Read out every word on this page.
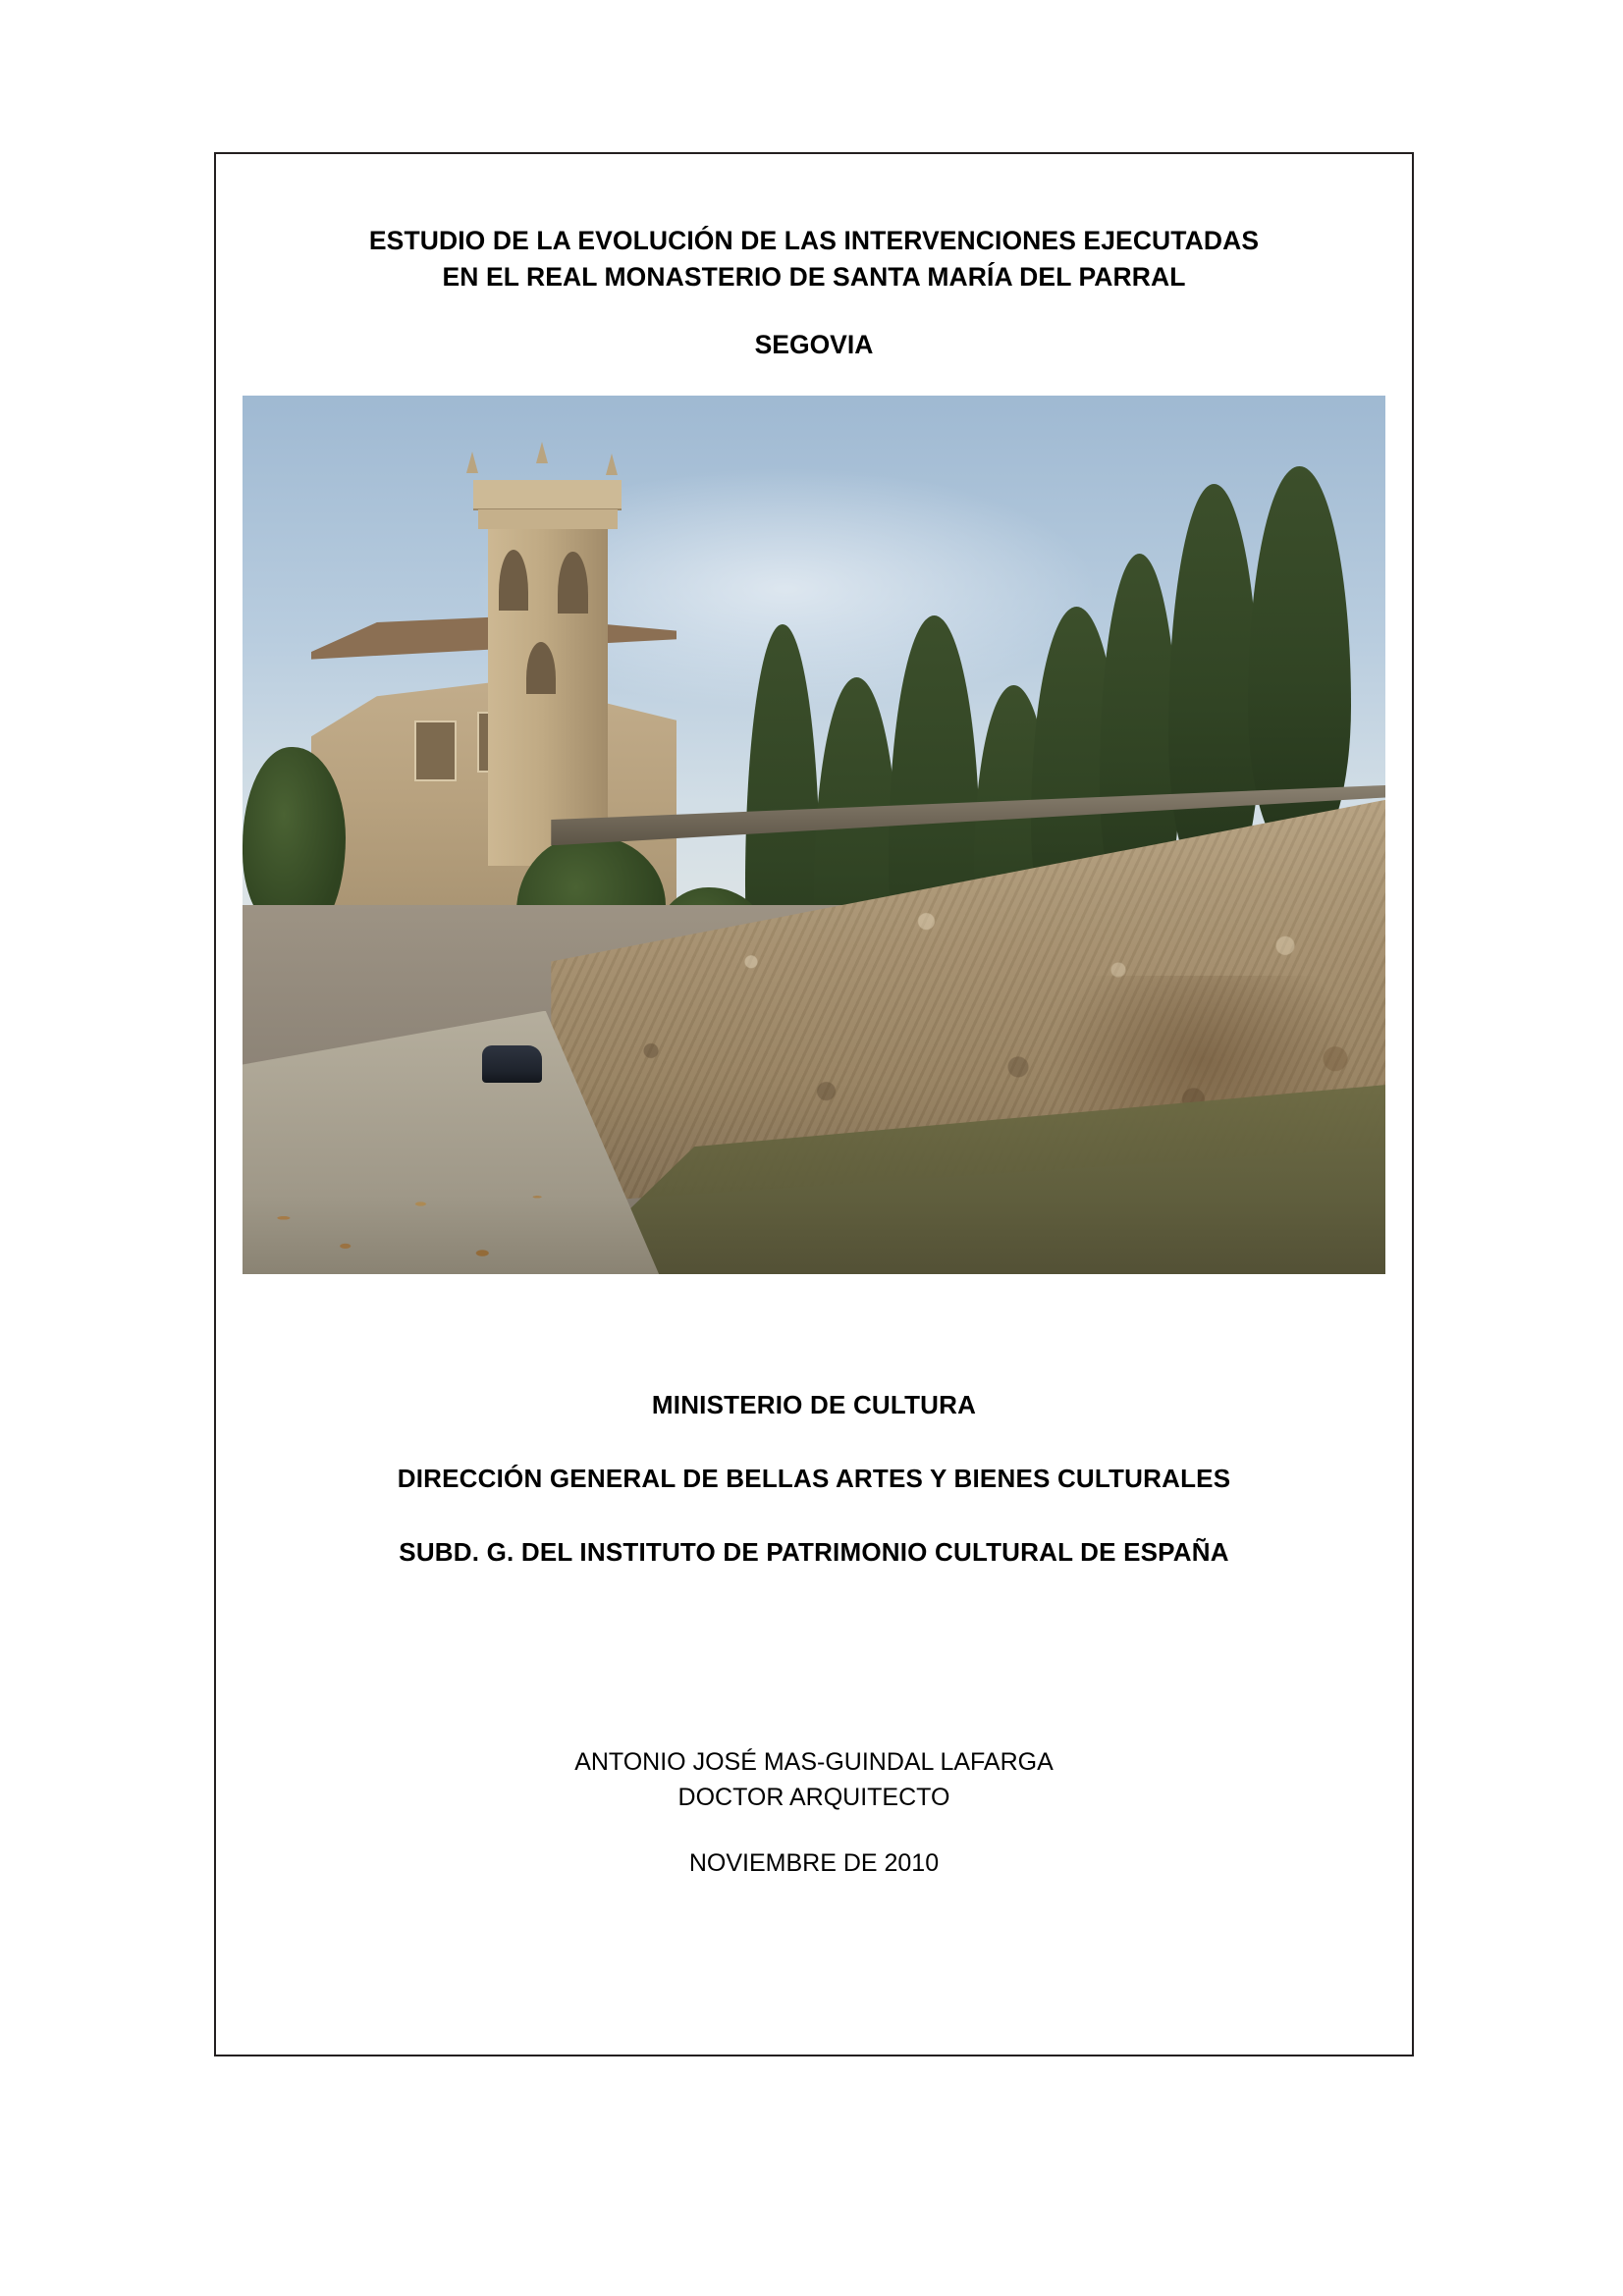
ESTUDIO DE LA EVOLUCIÓN DE LAS INTERVENCIONES EJECUTADAS
EN EL REAL MONASTERIO DE SANTA MARÍA DEL PARRAL
SEGOVIA
MINISTERIO DE CULTURA
DIRECCIÓN GENERAL DE BELLAS ARTES Y BIENES CULTURALES
SUBD. G. DEL INSTITUTO DE PATRIMONIO CULTURAL DE ESPAÑA
ANTONIO JOSÉ MAS-GUINDAL LAFARGA
DOCTOR ARQUITECTO
NOVIEMBRE DE 2010
